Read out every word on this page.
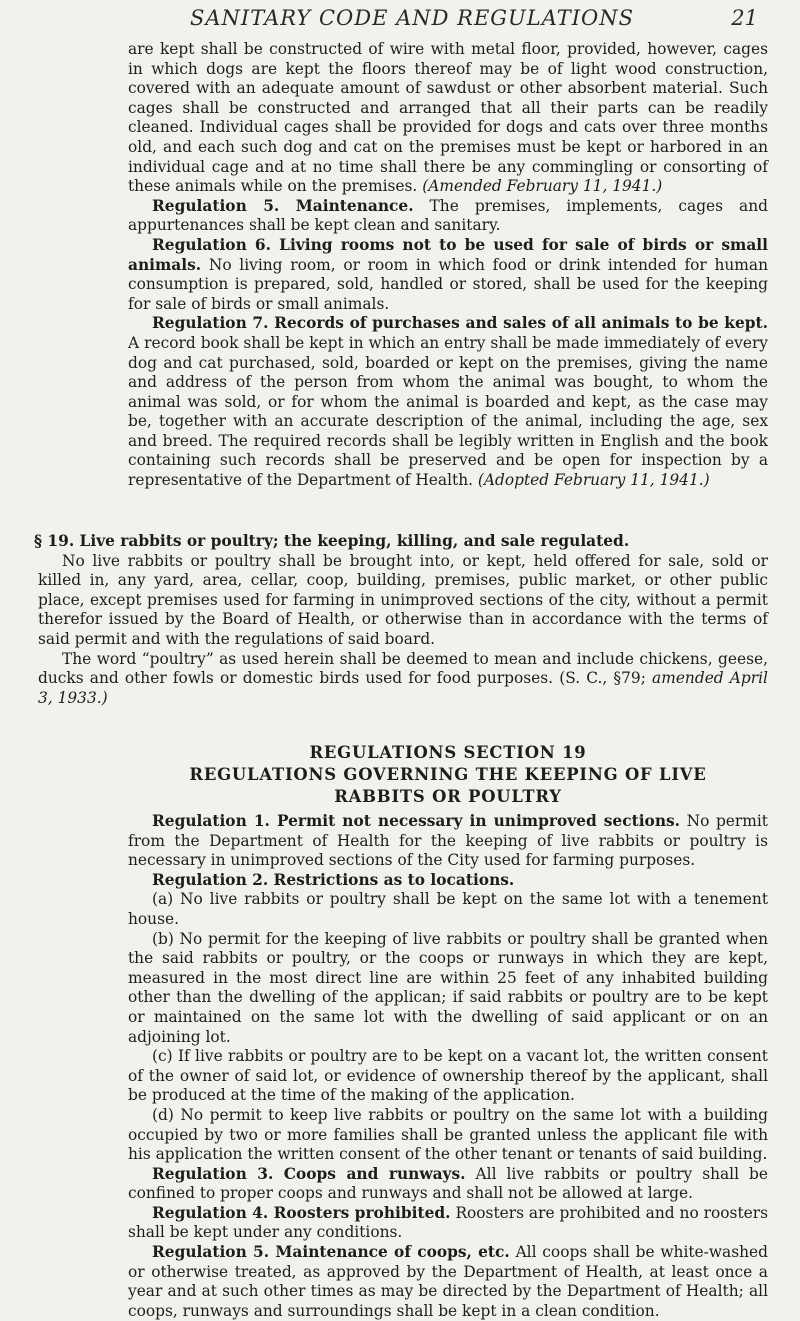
SANITARY CODE AND REGULATIONS	21

are kept shall be constructed of wire with metal floor, provided, however, cages in which dogs are kept the floors thereof may be of light wood construction, covered with an adequate amount of sawdust or other absorbent material. Such cages shall be constructed and arranged that all their parts can be readily cleaned. Individual cages shall be provided for dogs and cats over three months old, and each such dog and cat on the premises must be kept or harbored in an individual cage and at no time shall there be any commingling or consorting of these animals while on the premises. (Amended February 11, 1941.)

Regulation 5. Maintenance. The premises, implements, cages and appurtenances shall be kept clean and sanitary.

Regulation 6. Living rooms not to be used for sale of birds or small animals. No living room, or room in which food or drink intended for human consumption is prepared, sold, handled or stored, shall be used for the keeping for sale of birds or small animals.

Regulation 7. Records of purchases and sales of all animals to be kept. A record book shall be kept in which an entry shall be made immediately of every dog and cat purchased, sold, boarded or kept on the premises, giving the name and address of the person from whom the animal was bought, to whom the animal was sold, or for whom the animal is boarded and kept, as the case may be, together with an accurate description of the animal, including the age, sex and breed. The required records shall be legibly written in English and the book containing such records shall be preserved and be open for inspection by a representative of the Department of Health. (Adopted February 11, 1941.)

§ 19. Live rabbits or poultry; the keeping, killing, and sale regulated.

No live rabbits or poultry shall be brought into, or kept, held offered for sale, sold or killed in, any yard, area, cellar, coop, building, premises, public market, or other public place, except premises used for farming in unimproved sections of the city, without a permit therefor issued by the Board of Health, or otherwise than in accordance with the terms of said permit and with the regulations of said board.

The word “poultry” as used herein shall be deemed to mean and include chickens, geese, ducks and other fowls or domestic birds used for food purposes. (S. C., §79; amended April 3, 1933.)

REGULATIONS SECTION 19
REGULATIONS GOVERNING THE KEEPING OF LIVE
RABBITS OR POULTRY

Regulation 1. Permit not necessary in unimproved sections. No permit from the Department of Health for the keeping of live rabbits or poultry is necessary in unimproved sections of the City used for farming purposes.

Regulation 2. Restrictions as to locations.

(a) No live rabbits or poultry shall be kept on the same lot with a tenement house.

(b) No permit for the keeping of live rabbits or poultry shall be granted when the said rabbits or poultry, or the coops or runways in which they are kept, measured in the most direct line are within 25 feet of any inhabited building other than the dwelling of the applican; if said rabbits or poultry are to be kept or maintained on the same lot with the dwelling of said applicant or on an adjoining lot.

(c) If live rabbits or poultry are to be kept on a vacant lot, the written consent of the owner of said lot, or evidence of ownership thereof by the applicant, shall be produced at the time of the making of the application.

(d) No permit to keep live rabbits or poultry on the same lot with a building occupied by two or more families shall be granted unless the applicant file with his application the written consent of the other tenant or tenants of said building.

Regulation 3. Coops and runways. All live rabbits or poultry shall be confined to proper coops and runways and shall not be allowed at large.

Regulation 4. Roosters prohibited. Roosters are prohibited and no roosters shall be kept under any conditions.

Regulation 5. Maintenance of coops, etc. All coops shall be white-washed or otherwise treated, as approved by the Department of Health, at least once a year and at such other times as may be directed by the Department of Health; all coops, runways and surroundings shall be kept in a clean condition.
